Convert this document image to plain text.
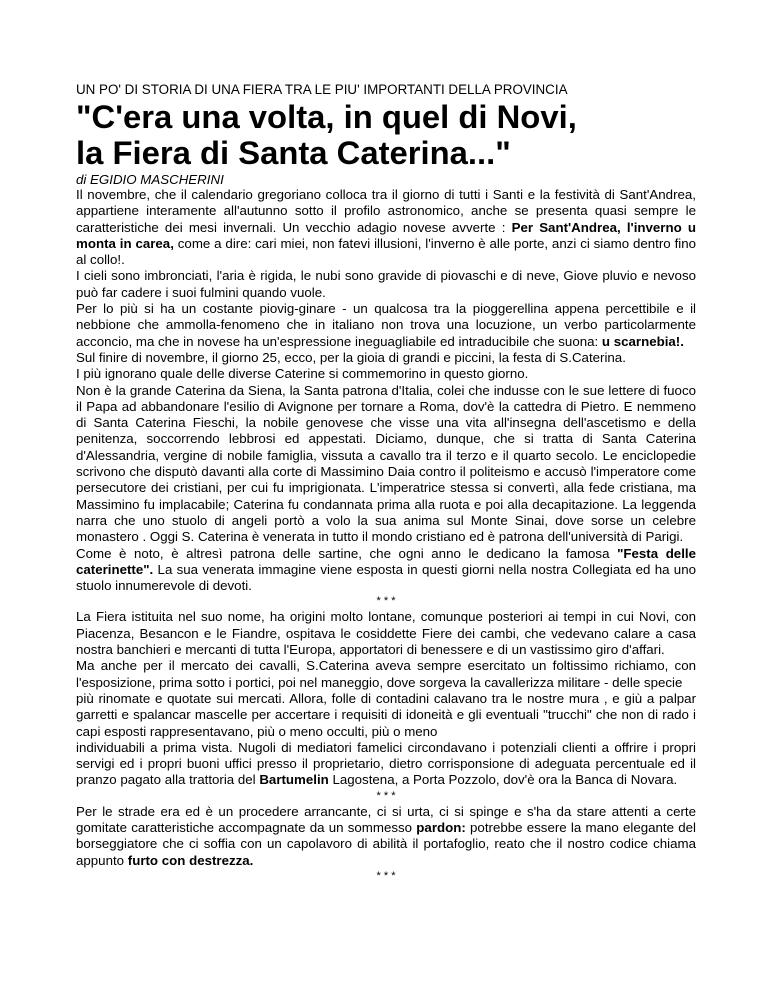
UN PO' DI STORIA DI UNA FIERA TRA LE PIU' IMPORTANTI DELLA PROVINCIA

"C'era una volta, in quel di Novi,
la Fiera di Santa Caterina..."

di EGIDIO MASCHERINI

Il novembre, che il calendario gregoriano colloca tra il giorno di tutti i Santi e la festività di Sant'Andrea, appartiene interamente all'autunno sotto il profilo astronomico, anche se presenta quasi sempre le caratteristiche dei mesi invernali. Un vecchio adagio novese avverte : Per Sant'Andrea, l'inverno u monta in carea, come a dire: cari miei, non fatevi illusioni, l'inverno è alle porte, anzi ci siamo dentro fino al collo!.

I cieli sono imbronciati, l'aria è rigida, le nubi sono gravide di piovaschi e di neve, Giove pluvio e nevoso può far cadere i suoi fulmini quando vuole.

Per lo più si ha un costante piovig-ginare - un qualcosa tra la pioggerellina appena percettibile e il nebbione che ammolla-fenomeno che in italiano non trova una locuzione, un verbo particolarmente acconcio, ma che in novese ha un'espressione ineguagliabile ed intraducibile che suona: u scarnebia!.

Sul finire di novembre, il giorno 25, ecco, per la gioia di grandi e piccini, la festa di S.Caterina.

I più ignorano quale delle diverse Caterine si commemorino in questo giorno.

Non è la grande Caterina da Siena, la Santa patrona d'Italia, colei che indusse con le sue lettere di fuoco il Papa ad abbandonare l'esilio di Avignone per tornare a Roma, dov'è la cattedra di Pietro. E nemmeno di Santa Caterina Fieschi, la nobile genovese che visse una vita all'insegna dell'ascetismo e della penitenza, soccorrendo lebbrosi ed appestati. Diciamo, dunque, che si tratta di Santa Caterina d'Alessandria, vergine di nobile famiglia, vissuta a cavallo tra il terzo e il quarto secolo. Le enciclopedie scrivono che disputò davanti alla corte di Massimino Daia contro il politeismo e accusò l'imperatore come persecutore dei cristiani, per cui fu imprigionata. L'imperatrice stessa si convertì, alla fede cristiana, ma Massimino fu implacabile; Caterina fu condannata prima alla ruota e poi alla decapitazione. La leggenda narra che uno stuolo di angeli portò a volo la sua anima sul Monte Sinai, dove sorse un celebre monastero . Oggi S. Caterina è venerata in tutto il mondo cristiano ed è patrona dell'università di Parigi.

Come è noto, è altresì patrona delle sartine, che ogni anno le dedicano la famosa "Festa delle caterinette". La sua venerata immagine viene esposta in questi giorni nella nostra Collegiata ed ha uno stuolo innumerevole di devoti.

* * *

La Fiera istituita nel suo nome, ha origini molto lontane, comunque posteriori ai tempi in cui Novi, con Piacenza, Besancon e le Fiandre, ospitava le cosiddette Fiere dei cambi, che vedevano calare a casa nostra banchieri e mercanti di tutta l'Europa, apportatori di benessere e di un vastissimo giro d'affari.

Ma anche per il mercato dei cavalli, S.Caterina aveva sempre esercitato un foltissimo richiamo, con l'esposizione, prima sotto i portici, poi nel maneggio, dove sorgeva la cavallerizza militare - delle specie

più rinomate e quotate sui mercati. Allora, folle di contadini calavano tra le nostre mura , e giù a palpar garretti e spalancar mascelle per accertare i requisiti di idoneità e gli eventuali "trucchi" che non di rado i capi esposti rappresentavano, più o meno occulti, più o meno

individuabili a prima vista. Nugoli di mediatori famelici circondavano i potenziali clienti a offrire i propri servigi ed i propri buoni uffici presso il proprietario, dietro corrisponsione di adeguata percentuale ed il pranzo pagato alla trattoria del Bartumelin Lagostena, a Porta Pozzolo, dov'è ora la Banca di Novara.

* * *

Per le strade era ed è un procedere arrancante, ci si urta, ci si spinge e s'ha da stare attenti a certe gomitate caratteristiche accompagnate da un sommesso pardon: potrebbe essere la mano elegante del borseggiatore che ci soffia con un capolavoro di abilità il portafoglio, reato che il nostro codice chiama appunto furto con destrezza.

* * *
